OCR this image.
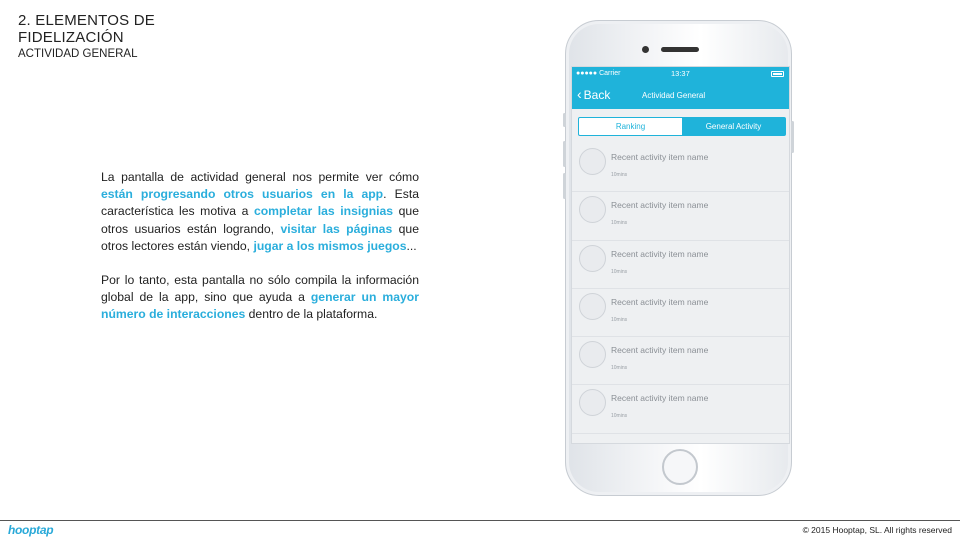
2. ELEMENTOS DE
FIDELIZACIÓN
ACTIVIDAD GENERAL

La pantalla de actividad general nos permite ver cómo están progresando otros usuarios en la app. Esta característica les motiva a completar las insignias que otros usuarios están logrando, visitar las páginas que otros lectores están viendo, jugar a los mismos juegos...

Por lo tanto, esta pantalla no sólo compila la información global de la app, sino que ayuda a generar un mayor número de interacciones dentro de la plataforma.

●●●●● Carrier	13:37
‹ Back	Actividad General
Ranking	General Activity
Recent activity item name
10mins
Recent activity item name
10mins
Recent activity item name
10mins
Recent activity item name
10mins
Recent activity item name
10mins
Recent activity item name
10mins
hooptap	© 2015 Hooptap, SL. All rights reserved
